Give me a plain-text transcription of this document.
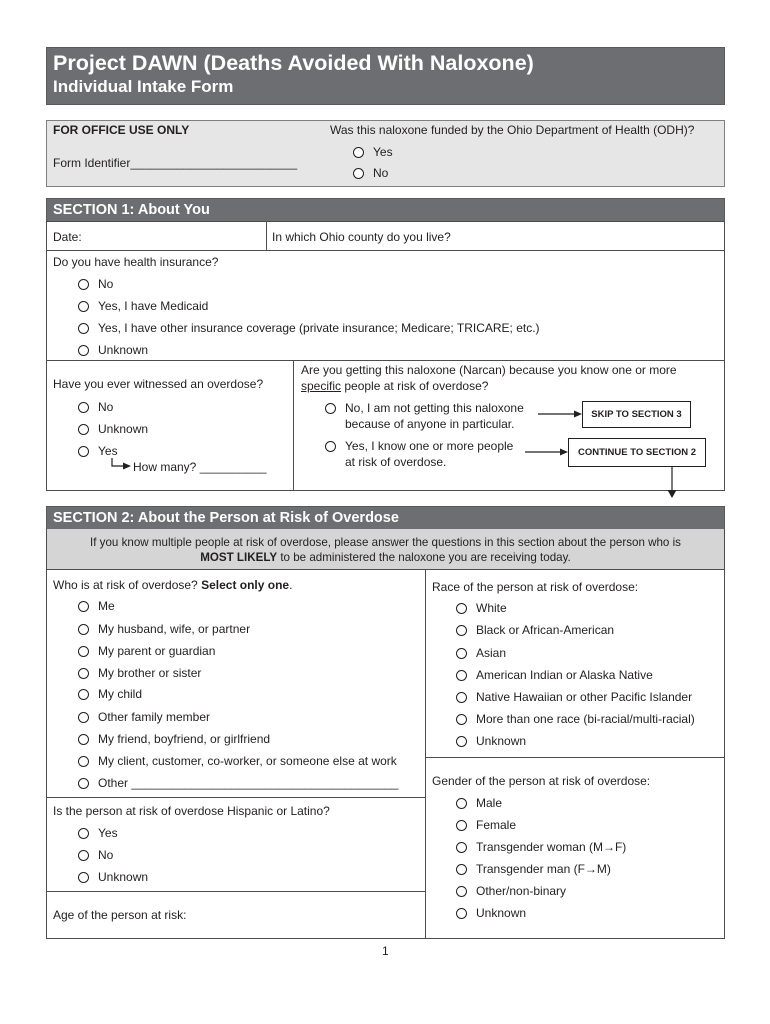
Project DAWN (Deaths Avoided With Naloxone)
Individual Intake Form
FOR OFFICE USE ONLY
Form Identifier_________________________
Was this naloxone funded by the Ohio Department of Health (ODH)?
Yes
No
SECTION 1: About You
Date:	In which Ohio county do you live?
Do you have health insurance?
No
Yes, I have Medicaid
Yes, I have other insurance coverage (private insurance; Medicare; TRICARE; etc.)
Unknown
Have you ever witnessed an overdose?
No
Unknown
Yes
How many? __________
Are you getting this naloxone (Narcan) because you know one or more
specific people at risk of overdose?
No, I am not getting this naloxone
because of anyone in particular.
SKIP TO SECTION 3
Yes, I know one or more people
at risk of overdose.
CONTINUE TO SECTION 2
SECTION 2: About the Person at Risk of Overdose
If you know multiple people at risk of overdose, please answer the questions in this section about the person who is
MOST LIKELY to be administered the naloxone you are receiving today.
Who is at risk of overdose? Select only one.
Me
My husband, wife, or partner
My parent or guardian
My brother or sister
My child
Other family member
My friend, boyfriend, or girlfriend
My client, customer, co-worker, or someone else at work
Other ________________________________________
Is the person at risk of overdose Hispanic or Latino?
Yes
No
Unknown
Age of the person at risk:
Race of the person at risk of overdose:
White
Black or African-American
Asian
American Indian or Alaska Native
Native Hawaiian or other Pacific Islander
More than one race (bi-racial/multi-racial)
Unknown
Gender of the person at risk of overdose:
Male
Female
Transgender woman (M→F)
Transgender man (F→M)
Other/non-binary
Unknown
1
